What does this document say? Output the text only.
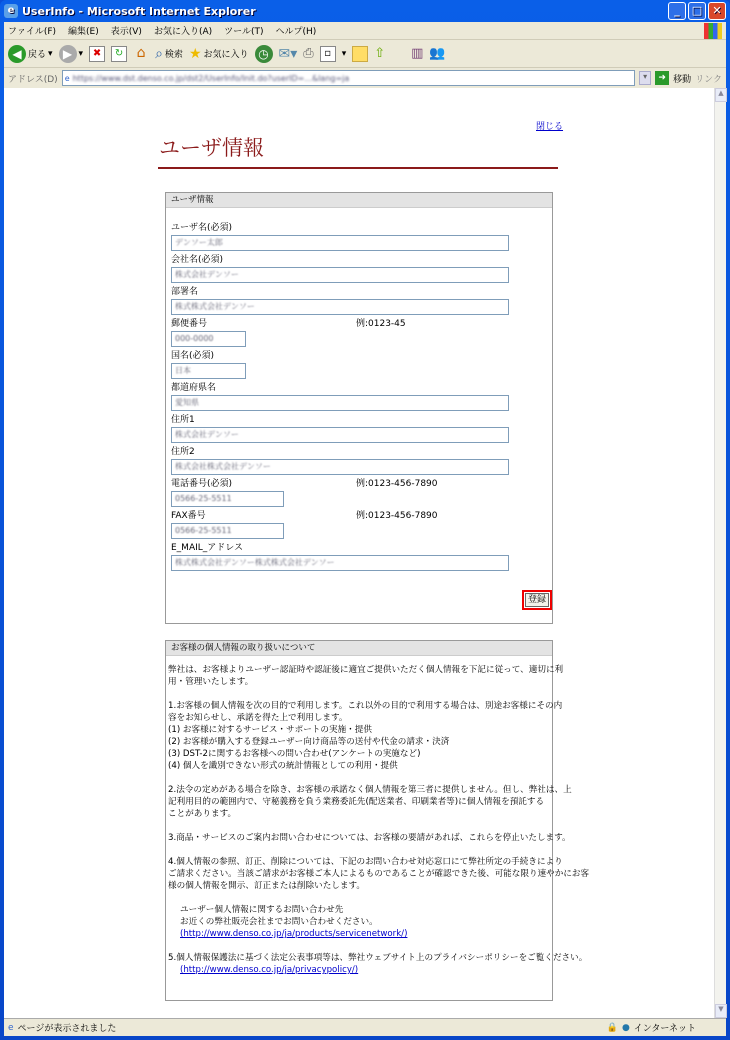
e UserInfo - Microsoft Internet Explorer	_	□ ✕
ファイル(F) 編集(E) 表示(V) お気に入り(A) ツール(T) ヘルプ(H)
◀ 戻る ▾ ▶ ▾ ✖	↻ ⌂ ⌕ 検索 ★ お気に入り ◷ ✉▾ ⎙	▫	▾ ⇧ ▥ 👥
アドレス(D) e https://www.dst.denso.co.jp/dst2/UserInfo/Init.do?userID=...&lang=ja	▾	➜ 移動 リンク
閉じる
ユーザ情報
ユーザ情報
ユーザ名(必須)
デンソー太郎
会社名(必須)
株式会社デンソー
部署名
株式株式会社デンソー
郵便番号	例:0123-45
000-0000
国名(必須)
日本
都道府県名
愛知県
住所1
株式会社デンソー
住所2
株式会社株式会社デンソー
電話番号(必須)	例:0123-456-7890
0566-25-5511
FAX番号	例:0123-456-7890
0566-25-5511
E_MAIL_アドレス
株式株式会社デンソー株式株式会社デンソー
登録
お客様の個人情報の取り扱いについて

弊社は、お客様よりユーザー認証時や認証後に適宜ご提供いただく個人情報を下記に従って、適切に利
用・管理いたします。

1.お客様の個人情報を次の目的で利用します。これ以外の目的で利用する場合は、別途お客様にその内
容をお知らせし、承諾を得た上で利用します。
(1) お客様に対するサービス・サポートの実施・提供
(2) お客様が購入する登録ユーザー向け商品等の送付や代金の請求・決済
(3) DST-2に関するお客様への問い合わせ(アンケートの実施など)
(4) 個人を識別できない形式の統計情報としての利用・提供

2.法令の定めがある場合を除き、お客様の承諾なく個人情報を第三者に提供しません。但し、弊社は、上
記利用目的の範囲内で、守秘義務を負う業務委託先(配送業者、印刷業者等)に個人情報を預託する
ことがあります。

3.商品・サービスのご案内お問い合わせについては、お客様の要請があれば、これらを停止いたします。

4.個人情報の参照、訂正、削除については、下記のお問い合わせ対応窓口にて弊社所定の手続きにより
ご請求ください。当該ご請求がお客様ご本人によるものであることが確認できた後、可能な限り速やかにお客
様の個人情報を開示、訂正または削除いたします。

ユーザー個人情報に関するお問い合わせ先
お近くの弊社販売会社までお問い合わせください。
(http://www.denso.co.jp/ja/products/servicenetwork/)

5.個人情報保護法に基づく法定公表事項等は、弊社ウェブサイト上のプライバシーポリシーをご覧ください。
(http://www.denso.co.jp/ja/privacypolicy/)

▲
▼
e ページが表示されました	🔒 ● インターネット
